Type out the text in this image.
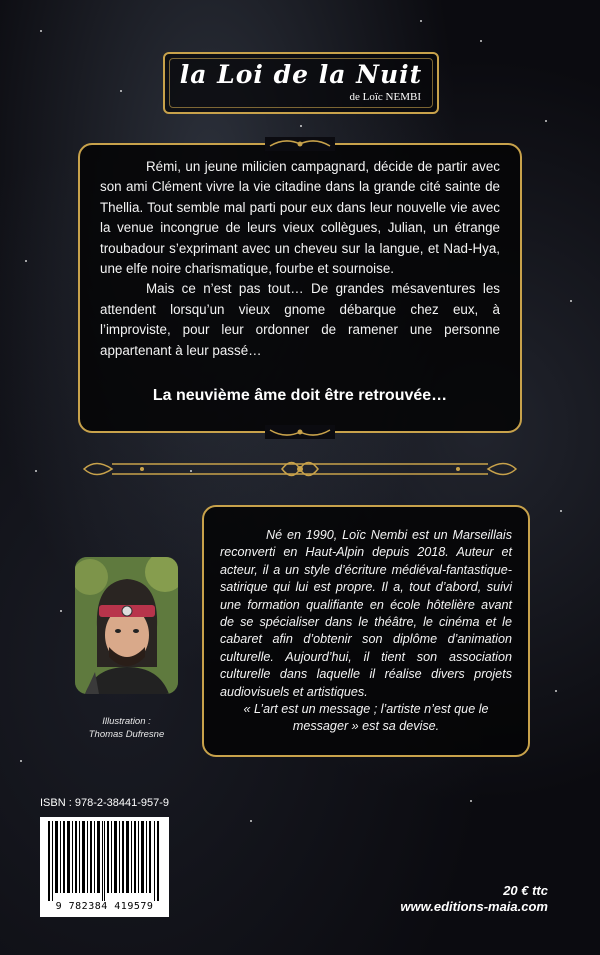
la Loi de la Nuit
de Loïc NEMBI

Rémi, un jeune milicien campagnard, décide de partir avec son ami Clément vivre la vie citadine dans la grande cité sainte de Thellia. Tout semble mal parti pour eux dans leur nouvelle vie avec la venue incongrue de leurs vieux collègues, Julian, un étrange troubadour s’exprimant avec un cheveu sur la langue, et Nad-Hya, une elfe noire charismatique, fourbe et sournoise.

Mais ce n’est pas tout… De grandes mésaventures les attendent lorsqu’un vieux gnome débarque chez eux, à l’improviste, pour leur ordonner de ramener une personne appartenant à leur passé…

La neuvième âme doit être retrouvée…
Illustration :
Thomas Dufresne

Né en 1990, Loïc Nembi est un Marseillais reconverti en Haut-Alpin depuis 2018. Auteur et acteur, il a un style d’écriture médiéval-fantastique-satirique qui lui est propre. Il a, tout d’abord, suivi une formation qualifiante en école hôtelière avant de se spécialiser dans le théâtre, le cinéma et le cabaret afin d’obtenir son diplôme d’animation culturelle. Aujourd’hui, il tient son association culturelle dans laquelle il réalise divers projets audiovisuels et artistiques.

« L’art est un message ; l’artiste n’est que le messager » est sa devise.

ISBN : 978-2-38441-957-9
9 782384 419579
20 € ttc
www.editions-maia.com
